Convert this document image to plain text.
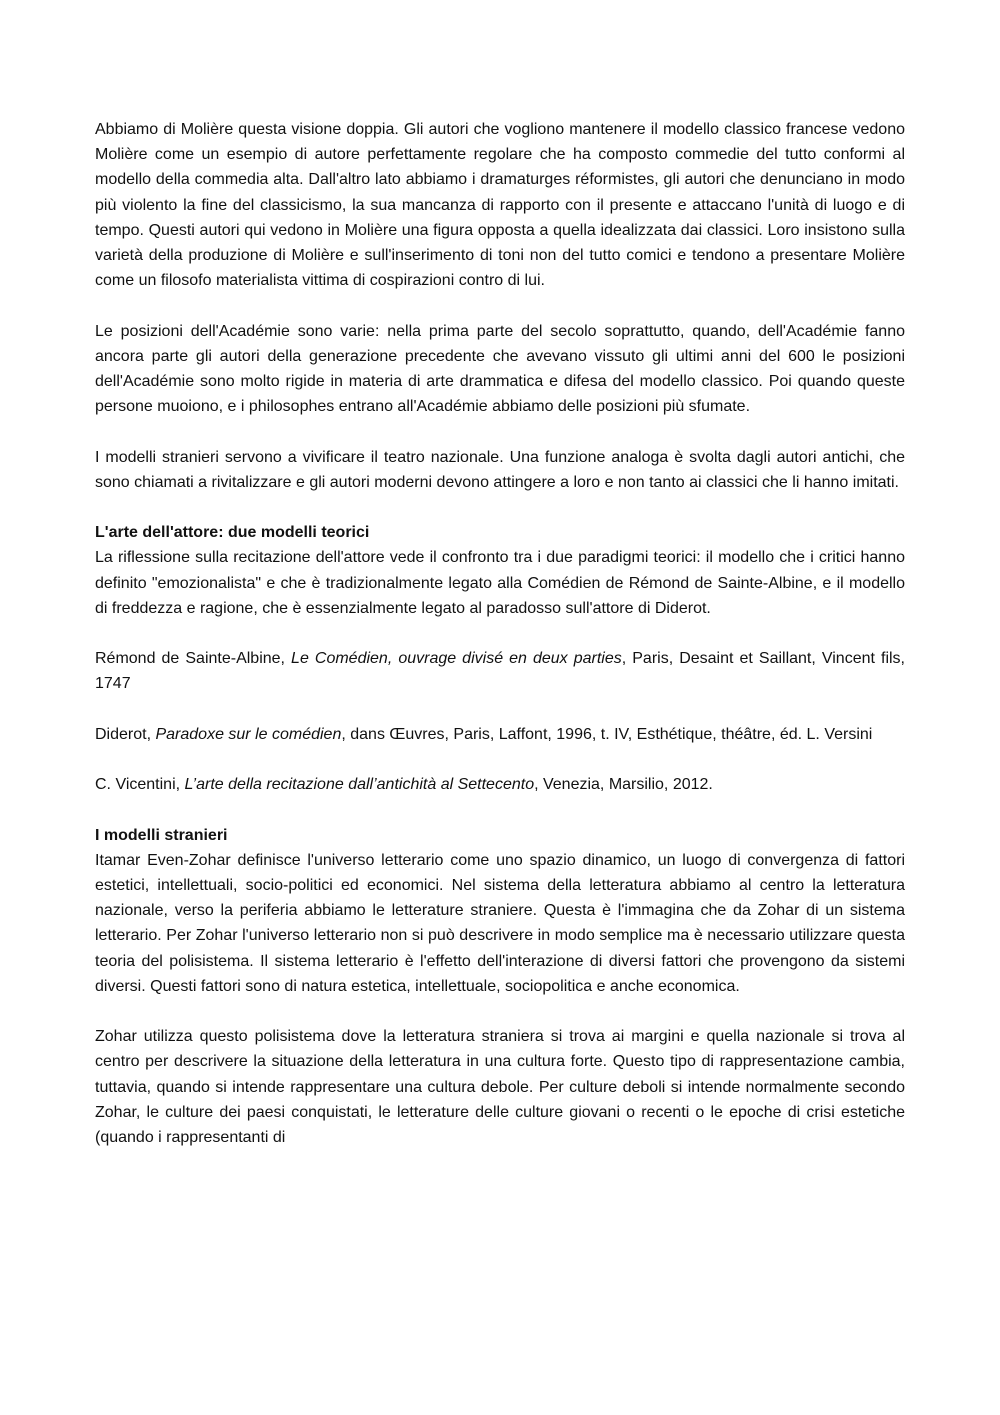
Abbiamo di Molière questa visione doppia. Gli autori che vogliono mantenere il modello classico francese vedono Molière come un esempio di autore perfettamente regolare che ha composto commedie del tutto conformi al modello della commedia alta. Dall'altro lato abbiamo i dramaturges réformistes, gli autori che denunciano in modo più violento la fine del classicismo, la sua mancanza di rapporto con il presente e attaccano l'unità di luogo e di tempo. Questi autori qui vedono in Molière una figura opposta a quella idealizzata dai classici. Loro insistono sulla varietà della produzione di Molière e sull'inserimento di toni non del tutto comici e tendono a presentare Molière come un filosofo materialista vittima di cospirazioni contro di lui.

Le posizioni dell'Académie sono varie: nella prima parte del secolo soprattutto, quando, dell'Académie fanno ancora parte gli autori della generazione precedente che avevano vissuto gli ultimi anni del 600 le posizioni dell'Académie sono molto rigide in materia di arte drammatica e difesa del modello classico. Poi quando queste persone muoiono, e i philosophes entrano all'Académie abbiamo delle posizioni più sfumate.

I modelli stranieri servono a vivificare il teatro nazionale. Una funzione analoga è svolta dagli autori antichi, che sono chiamati a rivitalizzare e gli autori moderni devono attingere a loro e non tanto ai classici che li hanno imitati.

L'arte dell'attore: due modelli teorici

La riflessione sulla recitazione dell'attore vede il confronto tra i due paradigmi teorici: il modello che i critici hanno definito "emozionalista" e che è tradizionalmente legato alla Comédien de Rémond de Sainte-Albine, e il modello di freddezza e ragione, che è essenzialmente legato al paradosso sull'attore di Diderot.

Rémond de Sainte-Albine, Le Comédien, ouvrage divisé en deux parties, Paris, Desaint et Saillant, Vincent fils, 1747

Diderot, Paradoxe sur le comédien, dans Œuvres, Paris, Laffont, 1996, t. IV, Esthétique, théâtre, éd. L. Versini

C. Vicentini, L’arte della recitazione dall’antichità al Settecento, Venezia, Marsilio, 2012.

I modelli stranieri

Itamar Even-Zohar definisce l'universo letterario come uno spazio dinamico, un luogo di convergenza di fattori estetici, intellettuali, socio-politici ed economici. Nel sistema della letteratura abbiamo al centro la letteratura nazionale, verso la periferia abbiamo le letterature straniere. Questa è l'immagina che da Zohar di un sistema letterario. Per Zohar l'universo letterario non si può descrivere in modo semplice ma è necessario utilizzare questa teoria del polisistema. Il sistema letterario è l'effetto dell'interazione di diversi fattori che provengono da sistemi diversi. Questi fattori sono di natura estetica, intellettuale, sociopolitica e anche economica.

Zohar utilizza questo polisistema dove la letteratura straniera si trova ai margini e quella nazionale si trova al centro per descrivere la situazione della letteratura in una cultura forte. Questo tipo di rappresentazione cambia, tuttavia, quando si intende rappresentare una cultura debole. Per culture deboli si intende normalmente secondo Zohar, le culture dei paesi conquistati, le letterature delle culture giovani o recenti o le epoche di crisi estetiche (quando i rappresentanti di
